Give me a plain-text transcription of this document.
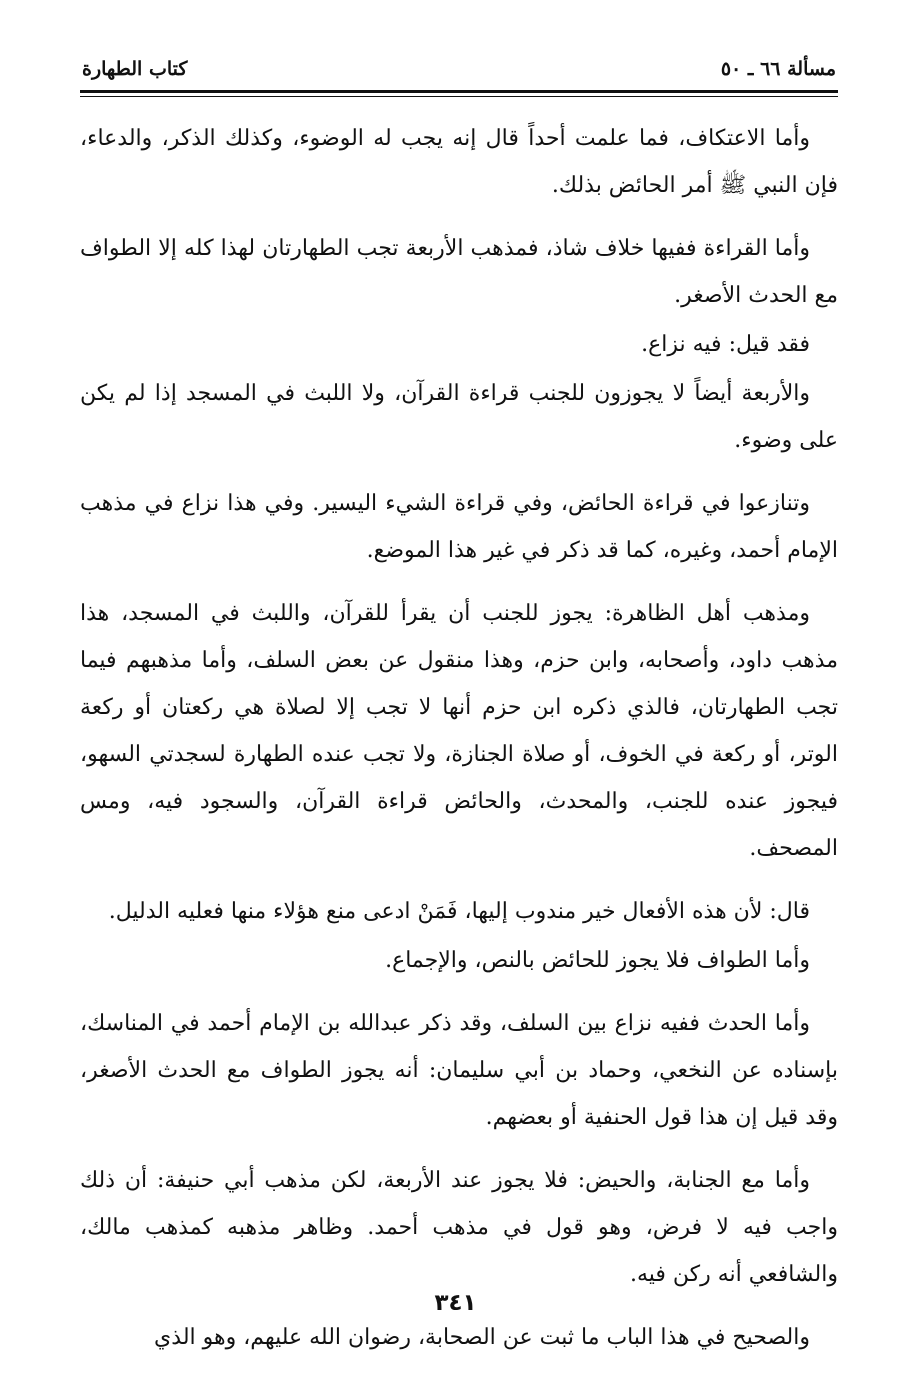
مسألة ٦٦ ـ ٥٠
كتاب الطهارة

وأما الاعتكاف، فما علمت أحداً قال إنه يجب له الوضوء، وكذلك الذكر، والدعاء، فإن النبي ﷺ أمر الحائض بذلك.

وأما القراءة ففيها خلاف شاذ، فمذهب الأربعة تجب الطهارتان لهذا كله إلا الطواف مع الحدث الأصغر.

فقد قيل: فيه نزاع.

والأربعة أيضاً لا يجوزون للجنب قراءة القرآن، ولا اللبث في المسجد إذا لم يكن على وضوء.

وتنازعوا في قراءة الحائض، وفي قراءة الشيء اليسير. وفي هذا نزاع في مذهب الإمام أحمد، وغيره، كما قد ذكر في غير هذا الموضع.

ومذهب أهل الظاهرة: يجوز للجنب أن يقرأ للقرآن، واللبث في المسجد، هذا مذهب داود، وأصحابه، وابن حزم، وهذا منقول عن بعض السلف، وأما مذهبهم فيما تجب الطهارتان، فالذي ذكره ابن حزم أنها لا تجب إلا لصلاة هي ركعتان أو ركعة الوتر، أو ركعة في الخوف، أو صلاة الجنازة، ولا تجب عنده الطهارة لسجدتي السهو، فيجوز عنده للجنب، والمحدث، والحائض قراءة القرآن، والسجود فيه، ومس المصحف.

قال: لأن هذه الأفعال خير مندوب إليها، فَمَنْ ادعى منع هؤلاء منها فعليه الدليل.

وأما الطواف فلا يجوز للحائض بالنص، والإجماع.

وأما الحدث ففيه نزاع بين السلف، وقد ذكر عبدالله بن الإمام أحمد في المناسك، بإسناده عن النخعي، وحماد بن أبي سليمان: أنه يجوز الطواف مع الحدث الأصغر، وقد قيل إن هذا قول الحنفية أو بعضهم.

وأما مع الجنابة، والحيض: فلا يجوز عند الأربعة، لكن مذهب أبي حنيفة: أن ذلك واجب فيه لا فرض، وهو قول في مذهب أحمد. وظاهر مذهبه كمذهب مالك، والشافعي أنه ركن فيه.

والصحيح في هذا الباب ما ثبت عن الصحابة، رضوان الله عليهم، وهو الذي

٣٤١
